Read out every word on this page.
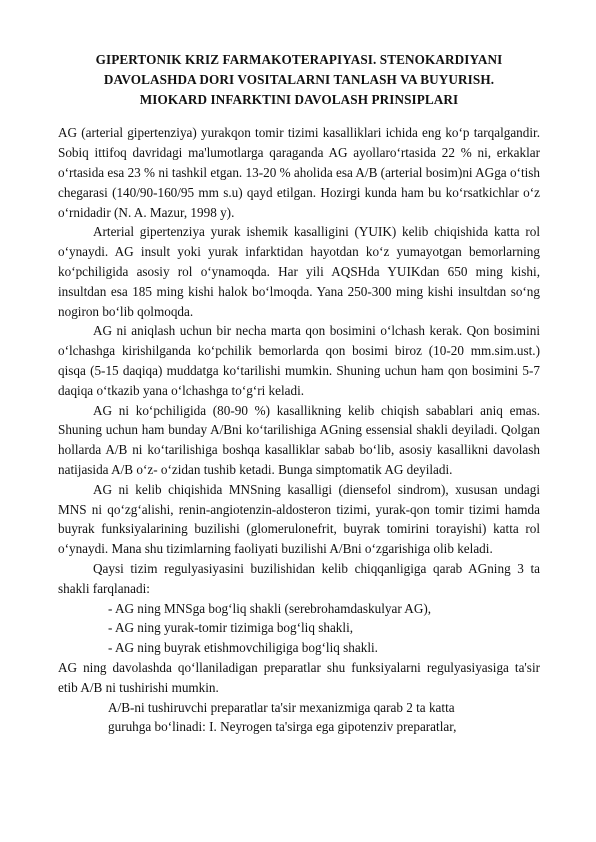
GIPERTONIK KRIZ FARMAKOTERAPIYASI. STENOKARDIYANI
DAVOLASHDA DORI VOSITALARNI TANLASH VA BUYURISH.
MIOKARD INFARKTINI DAVOLASH PRINSIPLARI

AG (arterial gipertenziya) yurakqon tomir tizimi kasalliklari ichida eng ko‘p tarqalgandir. Sobiq ittifoq davridagi ma'lumotlarga qaraganda AG ayollaro‘rtasida 22 % ni, erkaklar o‘rtasida esa 23 % ni tashkil etgan. 13-20 % aholida esa A/B (arterial bosim)ni AGga o‘tish chegarasi (140/90-160/95 mm s.u) qayd etilgan. Hozirgi kunda ham bu ko‘rsatkichlar o‘z o‘rnidadir (N. A. Mazur, 1998 y).

Arterial gipertenziya yurak ishemik kasalligini (YUIK) kelib chiqishida katta rol o‘ynaydi. AG insult yoki yurak infarktidan hayotdan ko‘z yumayotgan bemorlarning ko‘pchiligida asosiy rol o‘ynamoqda. Har yili AQSHda YUIKdan 650 ming kishi, insultdan esa 185 ming kishi halok bo‘lmoqda. Yana 250-300 ming kishi insultdan so‘ng nogiron bo‘lib qolmoqda.

AG ni aniqlash uchun bir necha marta qon bosimini o‘lchash kerak. Qon bosimini o‘lchashga kirishilganda ko‘pchilik bemorlarda qon bosimi biroz (10-20 mm.sim.ust.) qisqa (5-15 daqiqa) muddatga ko‘tarilishi mumkin. Shuning uchun ham qon bosimini 5-7 daqiqa o‘tkazib yana o‘lchashga to‘g‘ri keladi.

AG ni ko‘pchiligida (80-90 %) kasallikning kelib chiqish sabablari aniq emas. Shuning uchun ham bunday A/Bni ko‘tarilishiga AGning essensial shakli deyiladi. Qolgan hollarda A/B ni ko‘tarilishiga boshqa kasalliklar sabab bo‘lib, asosiy kasallikni davolash natijasida A/B o‘z- o‘zidan tushib ketadi. Bunga simptomatik AG deyiladi.

AG ni kelib chiqishida MNSning kasalligi (diensefol sindrom), xususan undagi MNS ni qo‘zg‘alishi, renin-angiotenzin-aldosteron tizimi, yurak-qon tomir tizimi hamda buyrak funksiyalarining buzilishi (glomerulonefrit, buyrak tomirini torayishi) katta rol o‘ynaydi. Mana shu tizimlarning faoliyati buzilishi A/Bni o‘zgarishiga olib keladi.

Qaysi tizim regulyasiyasini buzilishidan kelib chiqqanligiga qarab AGning 3 ta shakli farqlanadi:

- AG ning MNSga bog‘liq shakli (serebrohamdaskulyar AG),
- AG ning yurak-tomir tizimiga bog‘liq shakli,
- AG ning buyrak etishmovchiligiga bog‘liq shakli.

AG ning davolashda qo‘llaniladigan preparatlar shu funksiyalarni regulyasiyasiga ta'sir etib A/B ni tushirishi mumkin.

A/B-ni tushiruvchi preparatlar ta'sir mexanizmiga qarab 2 ta katta
guruhga bo‘linadi: I. Neyrogen ta'sirga ega gipotenziv preparatlar,
